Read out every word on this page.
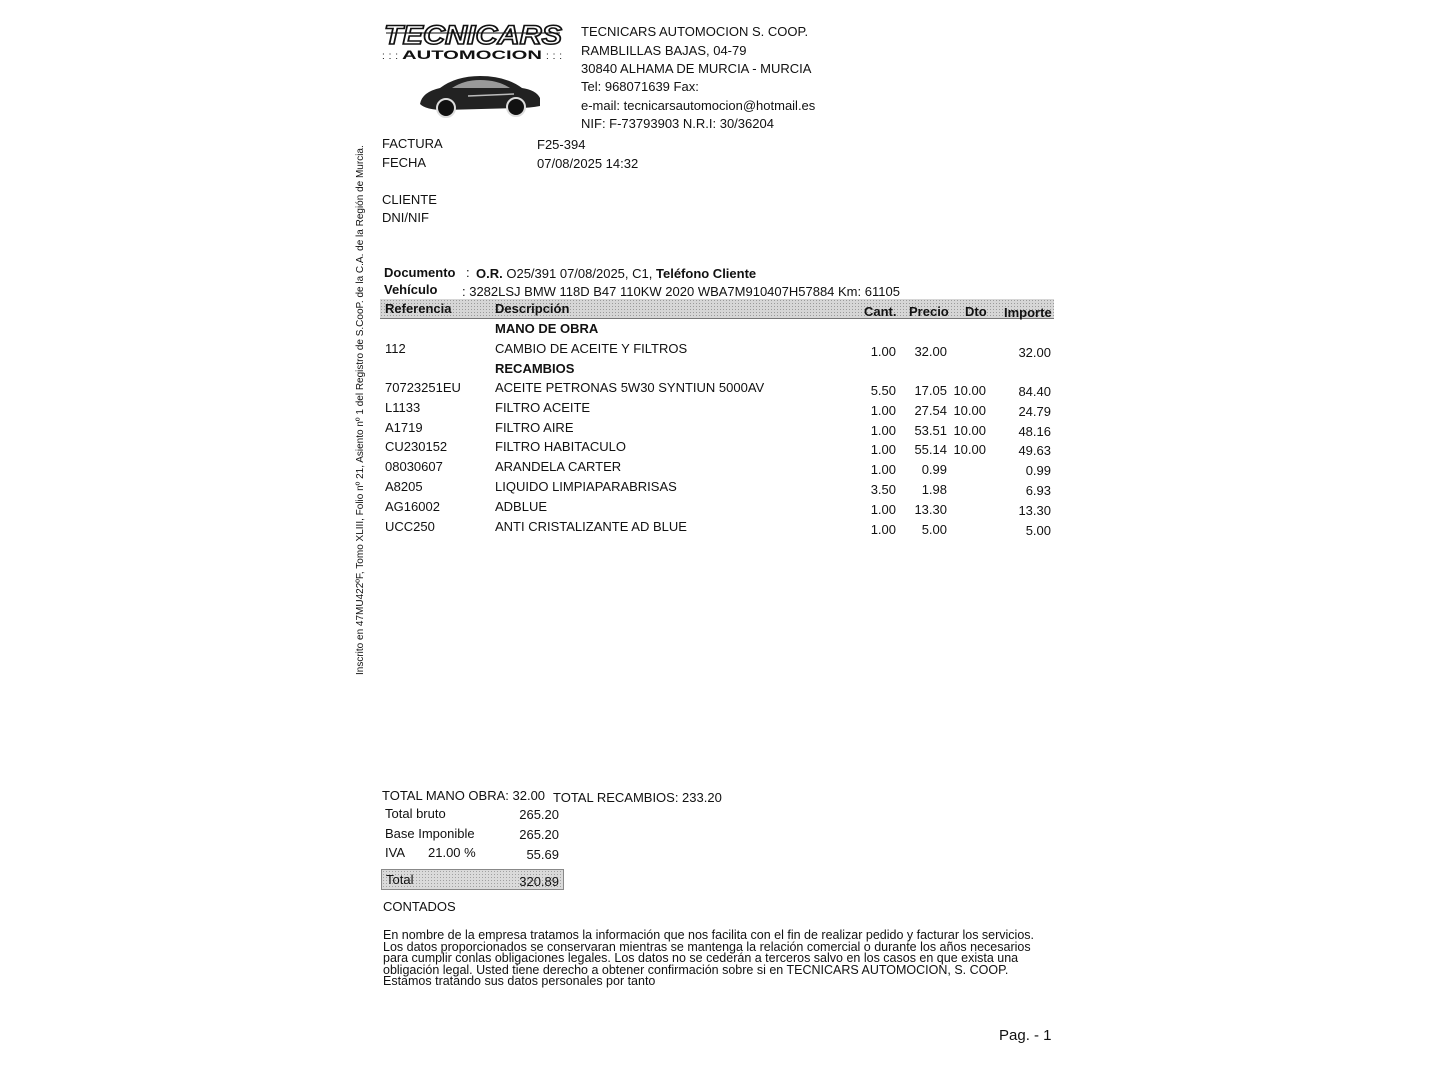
TECNICARS
::: AUTOMOCION :::
TECNICARS AUTOMOCION S. COOP.
RAMBLILLAS BAJAS, 04-79
30840 ALHAMA DE MURCIA - MURCIA
Tel: 968071639 Fax:
e-mail: tecnicarsautomocion@hotmail.es
NIF: F-73793903 N.R.I: 30/36204
Inscrito en 47MU422ºF, Tomo XLIII, Folio nº 21, Asiento nº 1 del Registro de S.CooP. de la C.A. de la Región de Murcia.
FACTURA	F25-394
FECHA	07/08/2025 14:32
CLIENTE
DNI/NIF
Documento : O.R. O25/391 07/08/2025, C1, Teléfono Cliente
Vehículo : 3282LSJ BMW 118D B47 110KW 2020 WBA7M910407H57884 Km: 61105
Referencia	Descripción	Cant. Precio Dto Importe
MANO DE OBRA
112	CAMBIO DE ACEITE Y FILTROS	1.00	32.00	32.00
RECAMBIOS
70723251EU	ACEITE PETRONAS 5W30 SYNTIUN 5000AV	5.50	17.05 10.00	84.40
L1133	FILTRO ACEITE	1.00	27.54 10.00	24.79
A1719	FILTRO AIRE	1.00	53.51 10.00	48.16
CU230152	FILTRO HABITACULO	1.00	55.14 10.00	49.63
08030607	ARANDELA CARTER	1.00	0.99	0.99
A8205	LIQUIDO LIMPIAPARABRISAS	3.50	1.98	6.93
AG16002	ADBLUE	1.00	13.30	13.30
UCC250	ANTI CRISTALIZANTE AD BLUE	1.00	5.00	5.00
TOTAL MANO OBRA: 32.00 TOTAL RECAMBIOS: 233.20
Total bruto	265.20
Base Imponible	265.20
IVA 21.00 %	55.69
Total	320.89
CONTADOS
En nombre de la empresa tratamos la información que nos facilita con el fin de realizar pedido y facturar los servicios. Los datos proporcionados se conservaran mientras se mantenga la relación comercial o durante los años necesarios para cumplir conlas obligaciones legales. Los datos no se cederán a terceros salvo en los casos en que exista una obligación legal. Usted tiene derecho a obtener confirmación sobre si en TECNICARS AUTOMOCION, S. COOP. Estamos tratando sus datos personales por tanto
Pag. - 1
